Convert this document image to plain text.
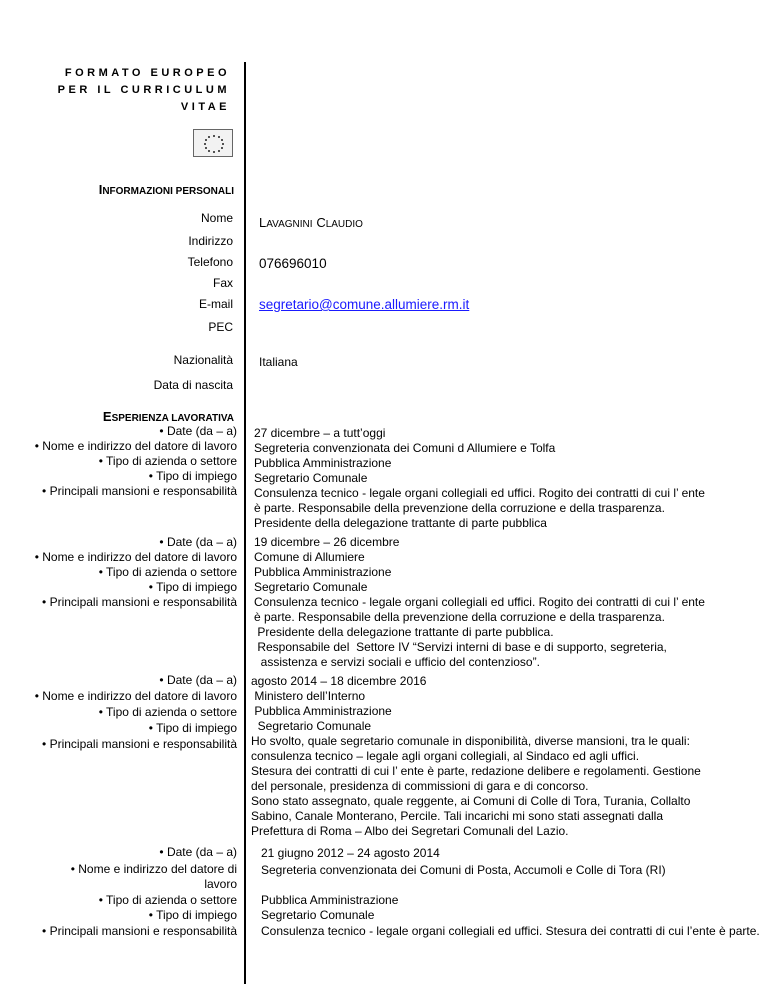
FORMATO EUROPEO
PER IL CURRICULUM
VITAE
INFORMAZIONI PERSONALI
Nome LAVAGNINI CLAUDIO
Indirizzo
Telefono 076696010
Fax
E-mail segretario@comune.allumiere.rm.it
PEC
Nazionalità Italiana
Data di nascita
ESPERIENZA LAVORATIVA
• Date (da – a)
• Nome e indirizzo del datore di lavoro
• Tipo di azienda o settore
• Tipo di impiego
• Principali mansioni e responsabilità
27 dicembre – a tutt’oggi
Segreteria convenzionata dei Comuni d Allumiere e Tolfa
Pubblica Amministrazione
Segretario Comunale
Consulenza tecnico - legale organi collegiali ed uffici. Rogito dei contratti di cui l’ ente
è parte. Responsabile della prevenzione della corruzione e della trasparenza.
Presidente della delegazione trattante di parte pubblica
• Date (da – a)
• Nome e indirizzo del datore di lavoro
• Tipo di azienda o settore
• Tipo di impiego
• Principali mansioni e responsabilità
19 dicembre – 26 dicembre
Comune di Allumiere
Pubblica Amministrazione
Segretario Comunale
Consulenza tecnico - legale organi collegiali ed uffici. Rogito dei contratti di cui l’ ente
è parte. Responsabile della prevenzione della corruzione e della trasparenza.
Presidente della delegazione trattante di parte pubblica.
Responsabile del  Settore IV “Servizi interni di base e di supporto, segreteria,
assistenza e servizi sociali e ufficio del contenzioso”.
• Date (da – a)
• Nome e indirizzo del datore di lavoro
• Tipo di azienda o settore
• Tipo di impiego
• Principali mansioni e responsabilità
agosto 2014 – 18 dicembre 2016
Ministero dell’Interno
Pubblica Amministrazione
Segretario Comunale
Ho svolto, quale segretario comunale in disponibilità, diverse mansioni, tra le quali:
consulenza tecnico – legale agli organi collegiali, al Sindaco ed agli uffici.
Stesura dei contratti di cui l’ ente è parte, redazione delibere e regolamenti. Gestione
del personale, presidenza di commissioni di gara e di concorso.
Sono stato assegnato, quale reggente, ai Comuni di Colle di Tora, Turania, Collalto
Sabino, Canale Monterano, Percile. Tali incarichi mi sono stati assegnati dalla
Prefettura di Roma – Albo dei Segretari Comunali del Lazio.
• Date (da – a)
• Nome e indirizzo del datore di
lavoro
• Tipo di azienda o settore
• Tipo di impiego
• Principali mansioni e responsabilità
21 giugno 2012 – 24 agosto 2014
Segreteria convenzionata dei Comuni di Posta, Accumoli e Colle di Tora (RI)
Pubblica Amministrazione
Segretario Comunale
Consulenza tecnico - legale organi collegiali ed uffici. Stesura dei contratti di cui l’ente è parte.
